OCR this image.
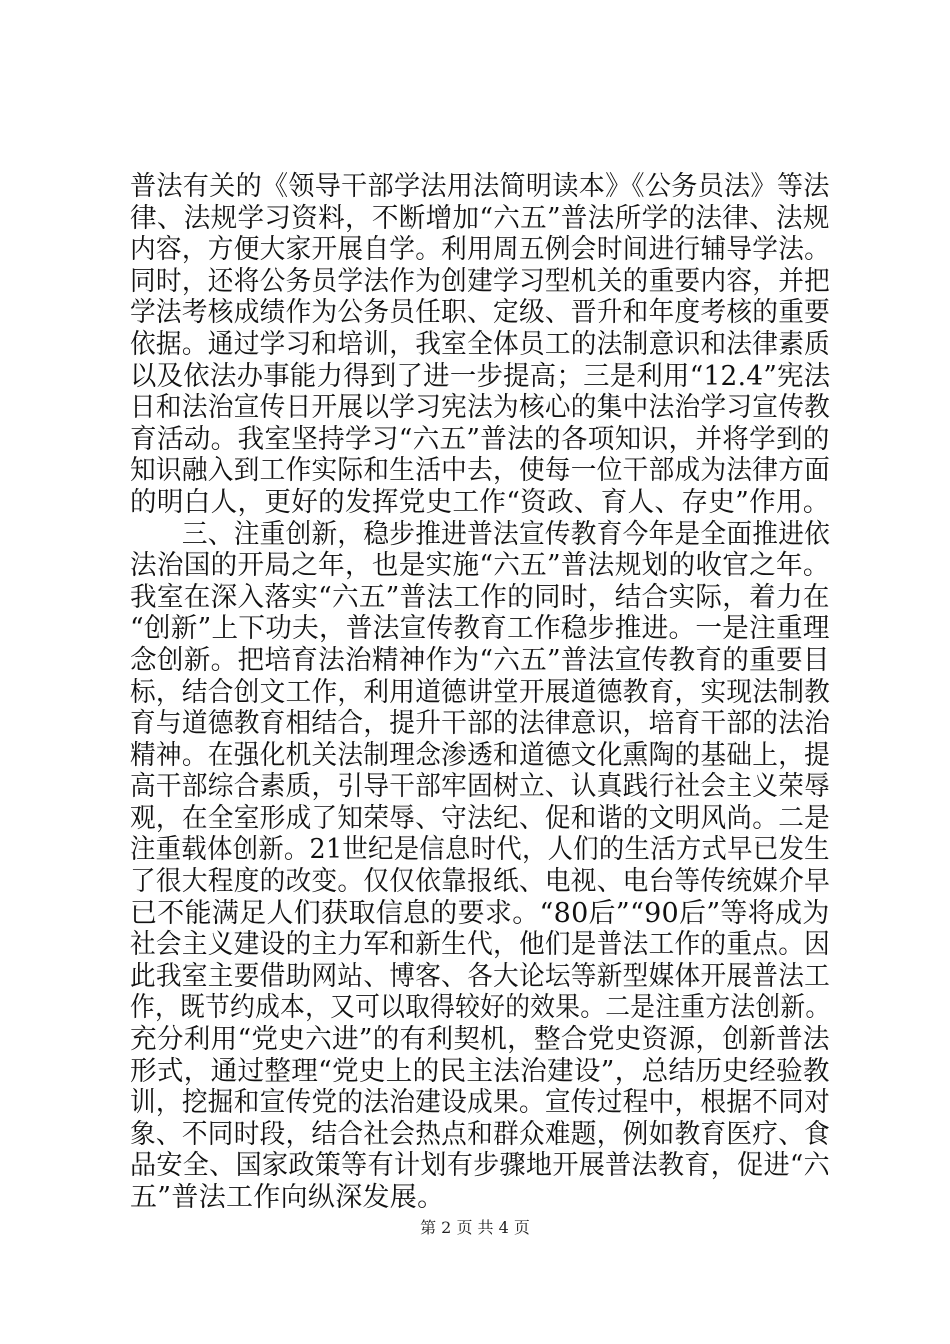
普法有关的《领导干部学法用法简明读本》《公务员法》等法
律、法规学习资料，不断增加“六五”普法所学的法律、法规
内容，方便大家开展自学。利用周五例会时间进行辅导学法。
同时，还将公务员学法作为创建学习型机关的重要内容，并把
学法考核成绩作为公务员任职、定级、晋升和年度考核的重要
依据。通过学习和培训，我室全体员工的法制意识和法律素质
以及依法办事能力得到了进一步提高；三是利用“12.4”宪法
日和法治宣传日开展以学习宪法为核心的集中法治学习宣传教
育活动。我室坚持学习“六五”普法的各项知识，并将学到的
知识融入到工作实际和生活中去，使每一位干部成为法律方面
的明白人，更好的发挥党史工作“资政、育人、存史”作用。
　　三、注重创新，稳步推进普法宣传教育今年是全面推进依
法治国的开局之年，也是实施“六五”普法规划的收官之年。
我室在深入落实“六五”普法工作的同时，结合实际，着力在
“创新”上下功夫，普法宣传教育工作稳步推进。一是注重理
念创新。把培育法治精神作为“六五”普法宣传教育的重要目
标，结合创文工作，利用道德讲堂开展道德教育，实现法制教
育与道德教育相结合，提升干部的法律意识，培育干部的法治
精神。在强化机关法制理念渗透和道德文化熏陶的基础上，提
高干部综合素质，引导干部牢固树立、认真践行社会主义荣辱
观，在全室形成了知荣辱、守法纪、促和谐的文明风尚。二是
注重载体创新。21世纪是信息时代，人们的生活方式早已发生
了很大程度的改变。仅仅依靠报纸、电视、电台等传统媒介早
已不能满足人们获取信息的要求。“80后”“90后”等将成为
社会主义建设的主力军和新生代，他们是普法工作的重点。因
此我室主要借助网站、博客、各大论坛等新型媒体开展普法工
作，既节约成本，又可以取得较好的效果。二是注重方法创新。
充分利用“党史六进”的有利契机，整合党史资源，创新普法
形式，通过整理“党史上的民主法治建设”，总结历史经验教
训，挖掘和宣传党的法治建设成果。宣传过程中，根据不同对
象、不同时段，结合社会热点和群众难题，例如教育医疗、食
品安全、国家政策等有计划有步骤地开展普法教育，促进“六
五”普法工作向纵深发展。
第 2 页 共 4 页
